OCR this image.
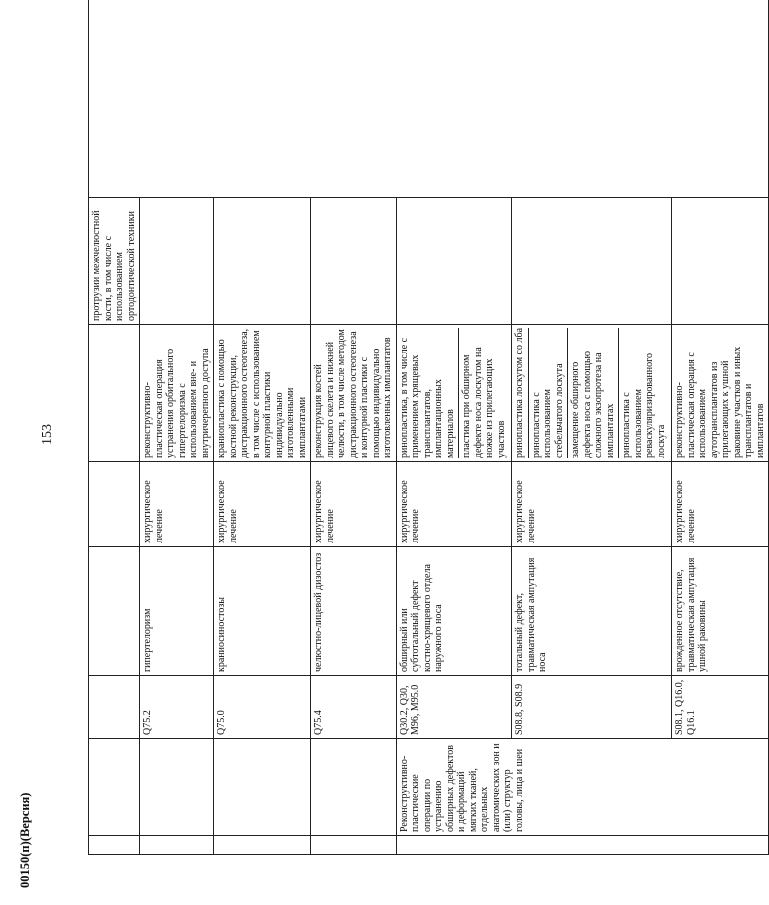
153
						протрузии межчелюстной кости, в том числе с использованием ортодонтической техники	
		Q75.2	гипертелоризм	хирургическое лечение	реконструктивно-пластическая операция устранения орбитального гипертелоризма с использованием вне- и внутричерепного доступа		
		Q75.0	краниосиностозы	хирургическое лечение	краниопластика с помощью костной реконструкции, дистракционного остеогенеза, в том числе с использованием контурной пластики индивидуально изготовленными имплантатами		
		Q75.4	челюстно-лицевой дизостоз	хирургическое лечение	реконструкция костей лицевого скелета и нижней челюсти, в том числе методом дистракционного остеогенеза и контурной пластики с помощью индивидуально изготовленных имплантатов		
	Реконструктивно-пластические операции по устранению обширных дефектов и деформаций мягких тканей, отдельных анатомических зон и (или) структур головы, лица и шеи	Q30.2, Q30, M96, M95.0	обширный или субтотальный дефект костно-хрящевого отдела наружного носа	хирургическое лечение	ринопластика, в том числе с применением хрящевых трансплантатов, имплантационных материалов пластика при обширном дефекте носа лоскутом на ножке из прилегающих участков		

		S08.8, S08.9	тотальный дефект, травматическая ампутация носа	хирургическое лечение	ринопластика лоскутом со лба ринопластика с использованием стебельчатого лоскута замещение обширного дефекта носа с помощью сложного экзопротеза на имплантатах ринопластика с использованием реваскуляризированного лоскута		

		S08.1, Q16.0, Q16.1	врожденное отсутствие, травматическая ампутация ушной раковины	хирургическое лечение	реконструктивно-пластическая операция с использованием аутотрансплантатов из прилегающих к ушной раковине участков и иных трансплантатов и имплантатов		
00150(п)(Версия)
